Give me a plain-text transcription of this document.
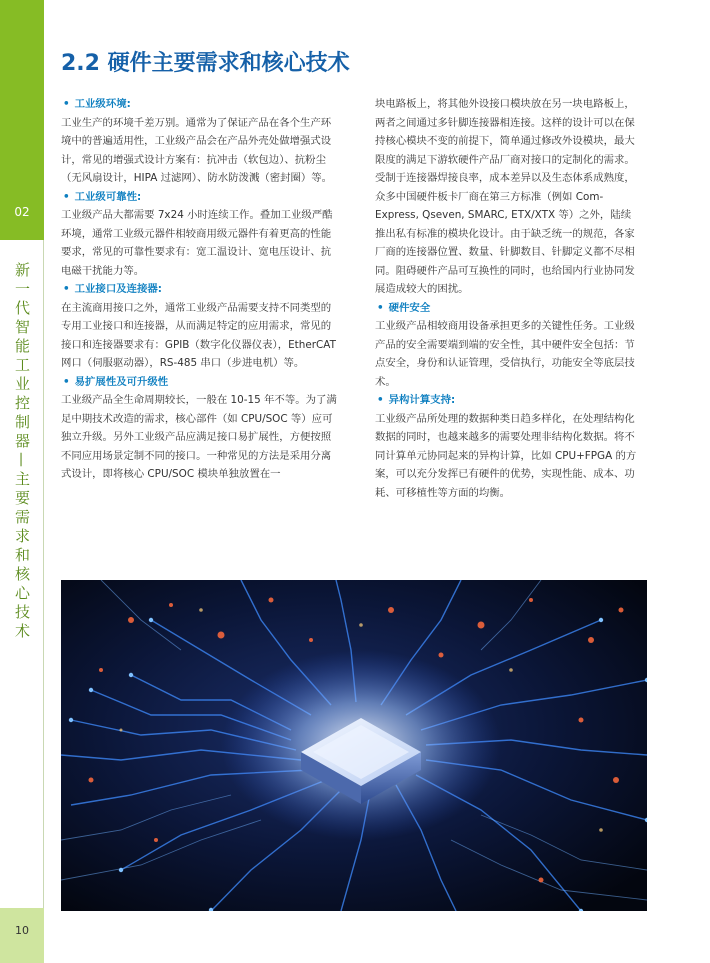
02
新一代智能工业控制器—主要需求和核心技术
10
2.2 硬件主要需求和核心技术

• 工业级环境:

工业生产的环境千差万别。通常为了保证产品在各个生产环境中的普遍适用性，工业级产品会在产品外壳处做增强式设计，常见的增强式设计方案有：抗冲击（软包边）、抗粉尘（无风扇设计，HIPA 过滤网）、防水防泼溅（密封圈）等。

• 工业级可靠性:

工业级产品大都需要 7x24 小时连续工作。叠加工业级严酷环境，通常工业级元器件相较商用级元器件有着更高的性能要求，常见的可靠性要求有：宽工温设计、宽电压设计、抗电磁干扰能力等。

• 工业接口及连接器:

在主流商用接口之外，通常工业级产品需要支持不同类型的专用工业接口和连接器，从而满足特定的应用需求，常见的接口和连接器要求有：GPIB（数字化仪器仪表），EtherCAT 网口（伺服驱动器），RS-485 串口（步进电机）等。

• 易扩展性及可升级性

工业级产品全生命周期较长，一般在 10-15 年不等。为了满足中期技术改造的需求，核心部件（如 CPU/SOC 等）应可独立升级。另外工业级产品应满足接口易扩展性，方便按照不同应用场景定制不同的接口。一种常见的方法是采用分离式设计，即将核心 CPU/SOC 模块单独放置在一

块电路板上，将其他外设接口模块放在另一块电路板上，两者之间通过多针脚连接器相连接。这样的设计可以在保持核心模块不变的前提下，简单通过修改外设模块，最大限度的满足下游软硬件产品厂商对接口的定制化的需求。受制于连接器焊接良率，成本差异以及生态体系成熟度，众多中国硬件板卡厂商在第三方标准（例如 Com-Express, Qseven, SMARC, ETX/XTX 等）之外，陆续推出私有标准的模块化设计。由于缺乏统一的规范，各家厂商的连接器位置、数量、针脚数目、针脚定义都不尽相同。阻碍硬件产品可互换性的同时，也给国内行业协同发展造成较大的困扰。

• 硬件安全

工业级产品相较商用设备承担更多的关键性任务。工业级产品的安全需要端到端的安全性，其中硬件安全包括：节点安全，身份和认证管理，受信执行，功能安全等底层技术。

• 异构计算支持:

工业级产品所处理的数据种类日趋多样化，在处理结构化数据的同时，也越来越多的需要处理非结构化数据。将不同计算单元协同起来的异构计算，比如 CPU+FPGA 的方案，可以充分发挥已有硬件的优势，实现性能、成本、功耗、可移植性等方面的均衡。
